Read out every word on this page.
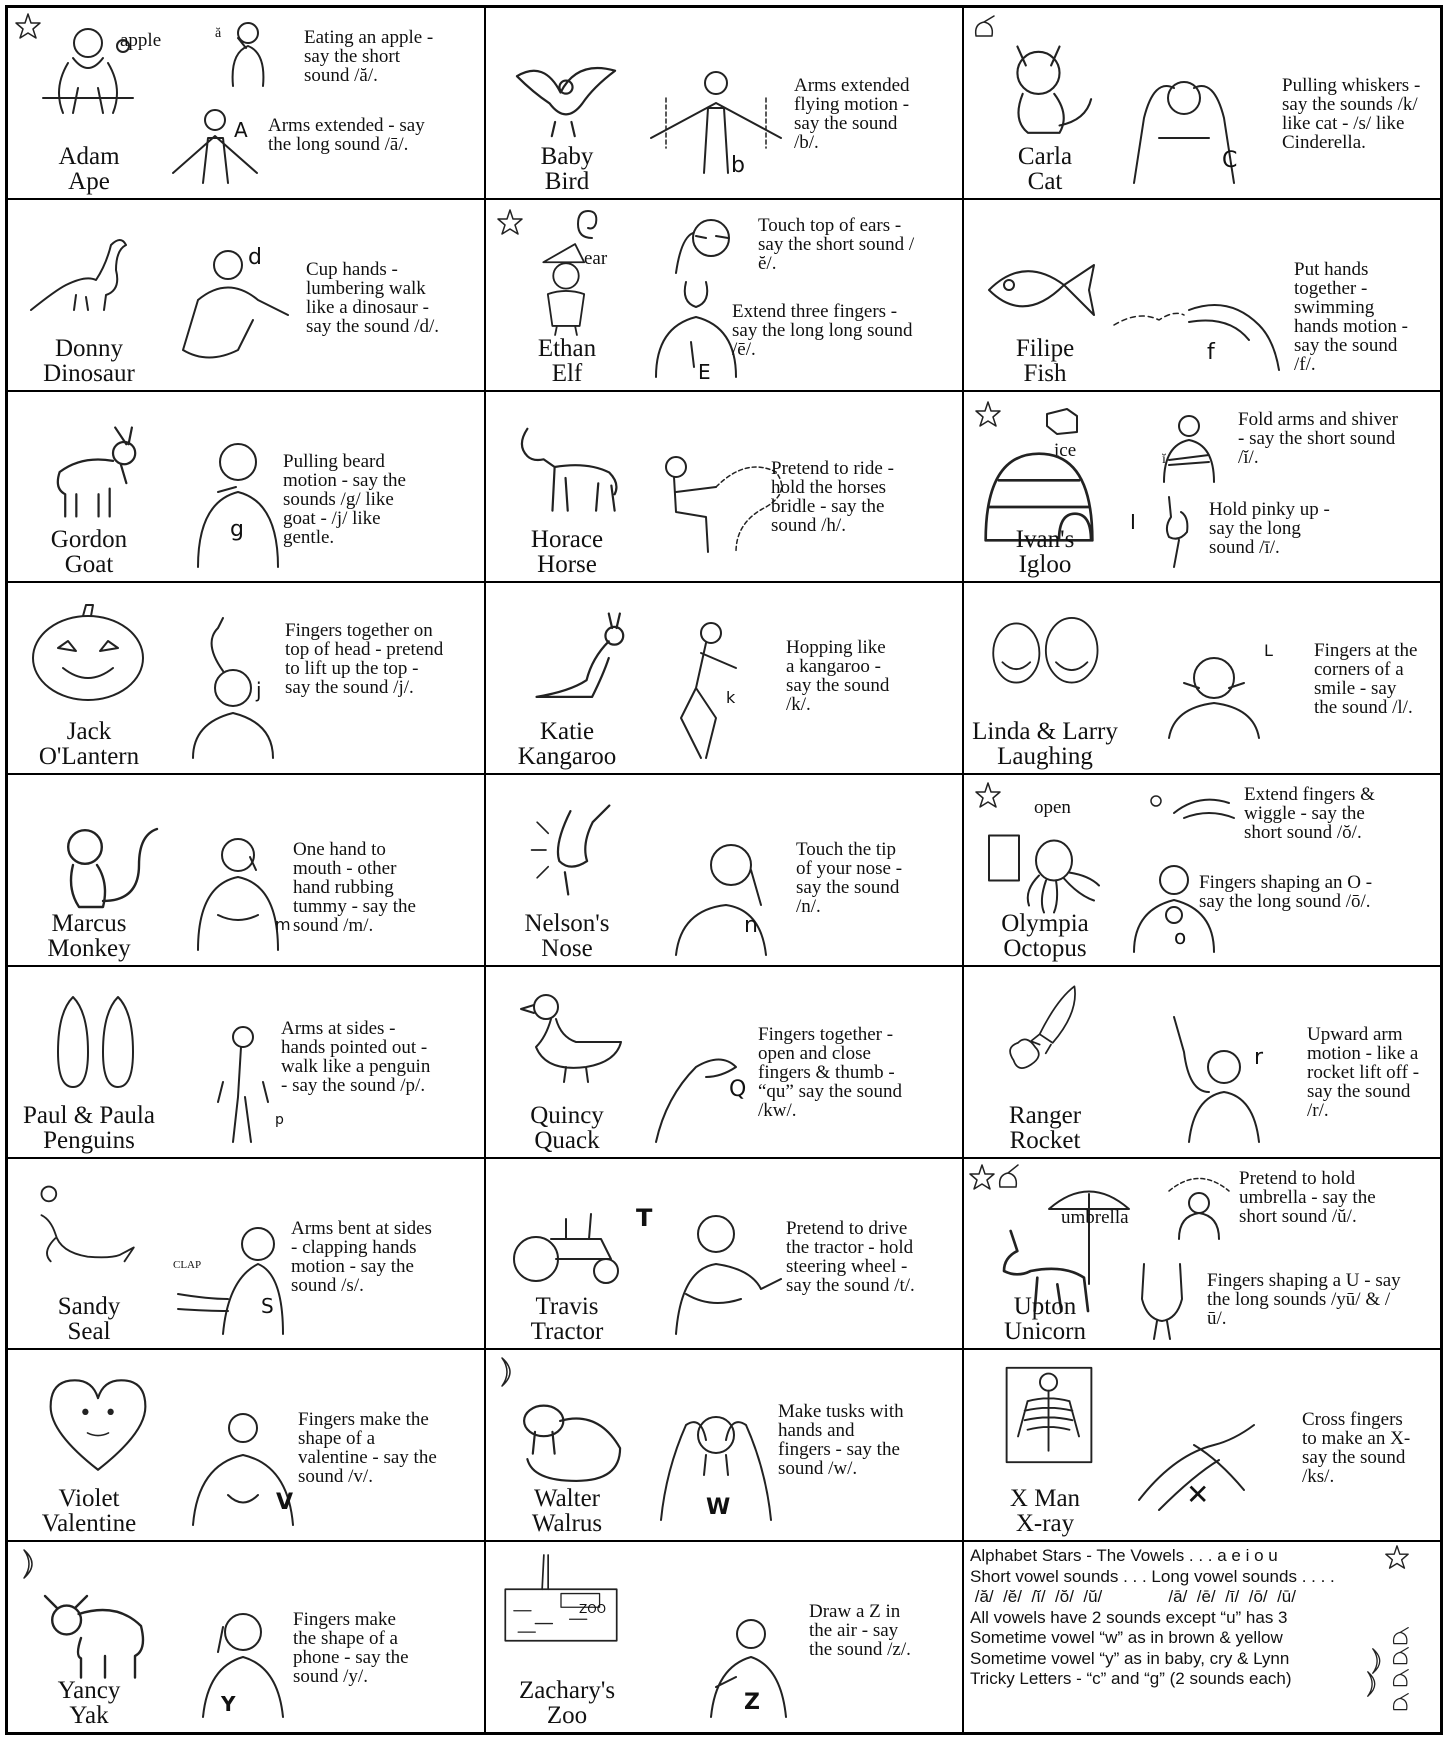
apple	ă	Eating an apple - say the short sound /ă/.
A Arms extended - say the long sound /ā/.
Adam
Ape
b
Arms extended flying motion - say the sound /b/.
Baby
Bird
C
Pulling whiskers - say the sounds /k/ like cat - /s/ like Cinderella.
Carla
Cat
d Cup hands - lumbering walk like a dinosaur - say the sound /d/.
Donny
Dinosaur
ear
Touch top of ears - say the short sound /ĕ/.
E
Extend three fingers - say the long long sound /ē/.
Ethan
Elf
f
Put hands together - swimming hands motion - say the sound /f/.
Filipe
Fish
g
Pulling beard motion - say the sounds /g/ like goat - /j/ like gentle.
Gordon
Goat
Pretend to ride - hold the horses bridle - say the sound /h/.
Horace
Horse
ice	ĭ
Fold arms and shiver - say the short sound /ĭ/.
I
Hold pinky up - say the long sound /ī/.
Ivan's
Igloo
j
Fingers together on top of head - pretend to lift up the top - say the sound /j/.
Jack
O'Lantern
k
Hopping like a kangaroo - say the sound /k/.
Katie
Kangaroo
L Fingers at the corners of a smile - say the sound /l/.
Linda & Larry
Laughing
m
One hand to mouth - other hand rubbing tummy - say the sound /m/.
Marcus
Monkey
n
Touch the tip of your nose - say the sound /n/.
Nelson's
Nose
open
Extend fingers & wiggle - say the short sound /ŏ/.
o
Fingers shaping an O - say the long sound /ō/.
Olympia
Octopus
p
Arms at sides - hands pointed out - walk like a penguin - say the sound /p/.
Paul & Paula
Penguins
Q
Fingers together - open and close fingers & thumb - “qu” say the sound /kw/.
Quincy
Quack
r
Upward arm motion - like a rocket lift off - say the sound /r/.
Ranger
Rocket
CLAP
S
Arms bent at sides - clapping hands motion - say the sound /s/.
Sandy
Seal
T	Pretend to drive the tractor - hold steering wheel - say the sound /t/.
Travis
Tractor
umbrella
Pretend to hold umbrella - say the short sound /ŭ/.
Fingers shaping a U - say the long sounds /yū/ & /ū/.
Upton
Unicorn
V
Fingers make the shape of a valentine - say the sound /v/.
Violet
Valentine
W
Make tusks with hands and fingers - say the sound /w/.
Walter
Walrus
✕
Cross fingers to make an X- say the sound /ks/.
X Man
X-ray
Y
Fingers make the shape of a phone - say the sound /y/.
Yancy
Yak
ZOO
Z
Draw a Z in the air - say the sound /z/.
Zachary's
Zoo
Alphabet Stars - The Vowels . . . a e i o u
Short vowel sounds . . . Long vowel sounds . . . .
/ă/  /ĕ/  /ĭ/  /ŏ/  /ŭ/              /ā/  /ē/  /ī/  /ō/  /ū/
All vowels have 2 sounds except “u” has 3
Sometime vowel “w” as in brown & yellow
Sometime vowel “y” as in baby, cry & Lynn
Tricky Letters - “c” and “g” (2 sounds each)
